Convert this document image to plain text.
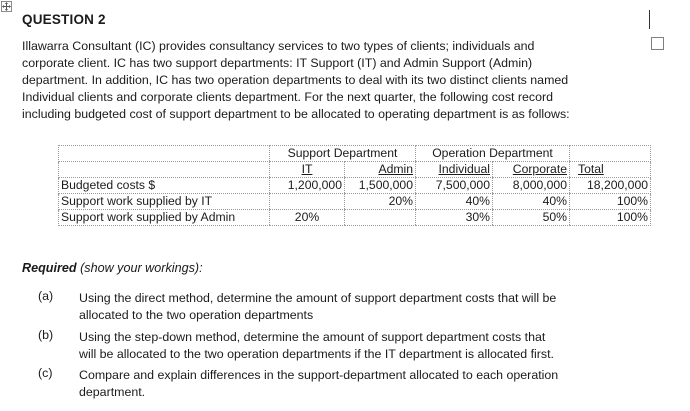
QUESTION 2
Illawarra Consultant (IC) provides consultancy services to two types of clients; individuals and
corporate client. IC has two support departments: IT Support (IT) and Admin Support (Admin)
department. In addition, IC has two operation departments to deal with its two distinct clients named
Individual clients and corporate clients department. For the next quarter, the following cost record
including budgeted cost of support department to be allocated to operating department is as follows:
	Support Department		Operation Department		
	IT	Admin	Individual	Corporate	Total
Budgeted costs $	1,200,000	1,500,000	7,500,000	8,000,000	18,200,000
Support work supplied by IT		20%	40%	40%	100%
Support work supplied by Admin	20%		30%	50%	100%
Required (show your workings):
(a)	Using the direct method, determine the amount of support department costs that will be
allocated to the two operation departments
(b)	Using the step-down method, determine the amount of support department costs that
will be allocated to the two operation departments if the IT department is allocated first.
(c)	Compare and explain differences in the support-department allocated to each operation
department.
